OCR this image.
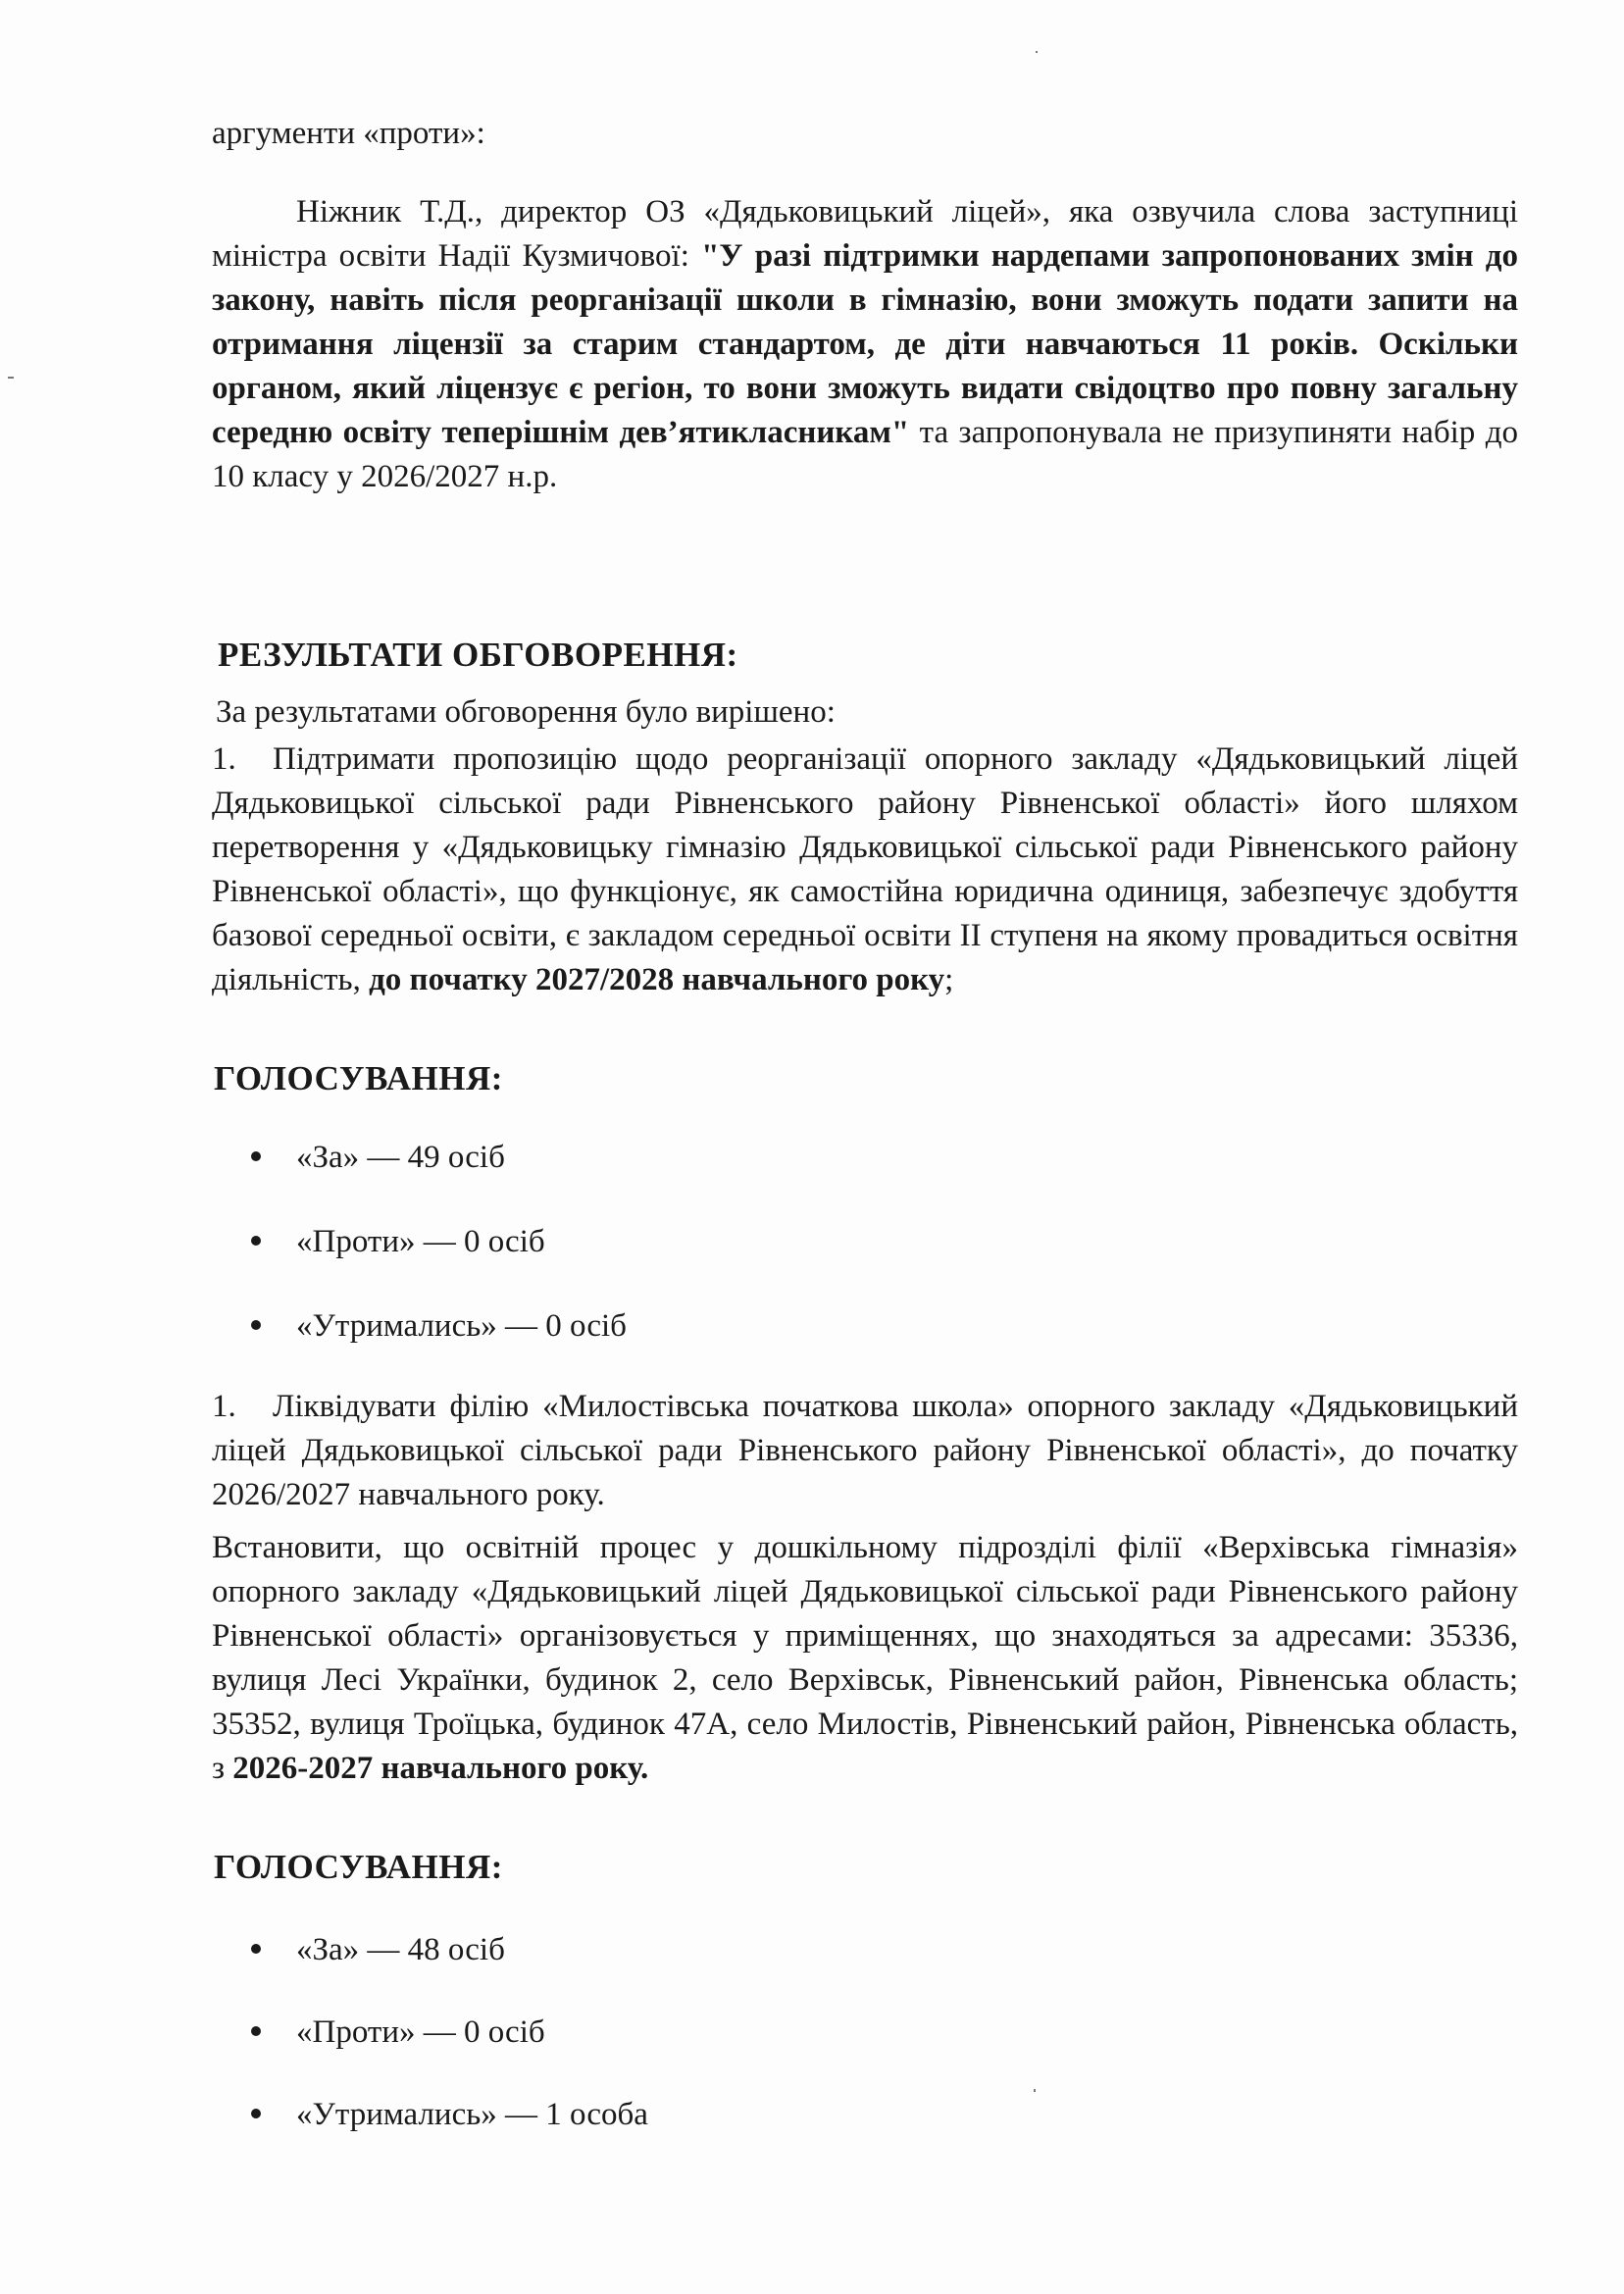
аргументи «проти»:
Ніжник Т.Д., директор ОЗ «Дядьковицький ліцей», яка озвучила слова заступниці міністра освіти Надії Кузмичової: "У разі підтримки нардепами запропонованих змін до закону, навіть після реорганізації школи в гімназію, вони зможуть подати запити на отримання ліцензії за старим стандартом, де діти навчаються 11 років. Оскільки органом, який ліцензує є регіон, то вони зможуть видати свідоцтво про повну загальну середню освіту теперішнім дев’ятикласникам" та запропонувала не призупиняти набір до 10 класу у 2026/2027 н.р.
РЕЗУЛЬТАТИ ОБГОВОРЕННЯ:
За результатами обговорення було вирішено:
1. Підтримати пропозицію щодо реорганізації опорного закладу «Дядьковицький ліцей Дядьковицької сільської ради Рівненського району Рівненської області» його шляхом перетворення у «Дядьковицьку гімназію Дядьковицької сільської ради Рівненського району Рівненської області», що функціонує, як самостійна юридична одиниця, забезпечує здобуття базової середньої освіти, є закладом середньої освіти II ступеня на якому провадиться освітня діяльність, до початку 2027/2028 навчального року;
ГОЛОСУВАННЯ:
«За» — 49 осіб
«Проти» — 0 осіб
«Утримались» — 0 осіб
1. Ліквідувати філію «Милостівська початкова школа» опорного закладу «Дядьковицький ліцей Дядьковицької сільської ради Рівненського району Рівненської області», до початку 2026/2027 навчального року.
Встановити, що освітній процес у дошкільному підрозділі філії «Верхівська гімназія» опорного закладу «Дядьковицький ліцей Дядьковицької сільської ради Рівненського району Рівненської області» організовується у приміщеннях, що знаходяться за адресами: 35336, вулиця Лесі Українки, будинок 2, село Верхівськ, Рівненський район, Рівненська область; 35352, вулиця Троїцька, будинок 47А, село Милостів, Рівненський район, Рівненська область, з 2026-2027 навчального року.
ГОЛОСУВАННЯ:
«За» — 48 осіб
«Проти» — 0 осіб
«Утримались» — 1 особа
